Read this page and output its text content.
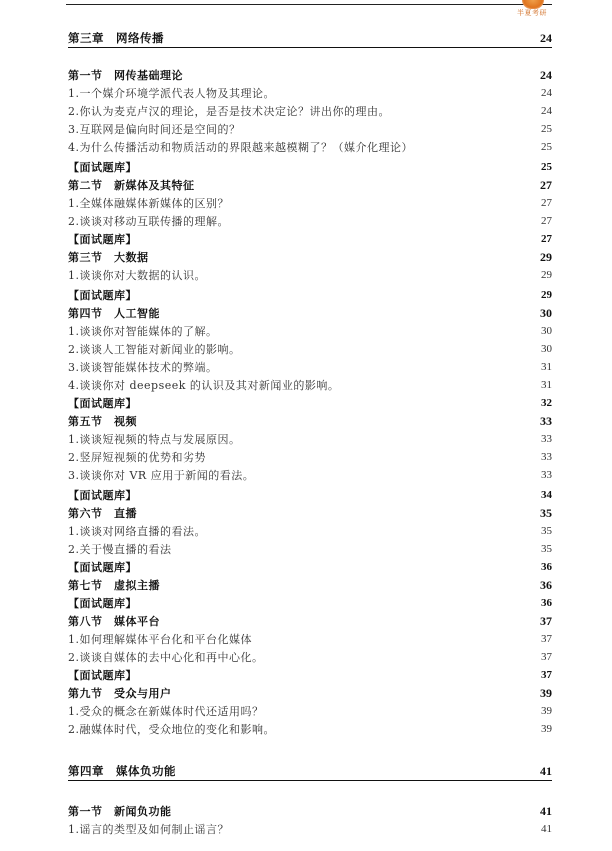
半夏考研
第三章　网络传播	24
第一节　网传基础理论	24
1.一个媒介环境学派代表人物及其理论。	24
2.你认为麦克卢汉的理论，是否是技术决定论？讲出你的理由。	24
3.互联网是偏向时间还是空间的？	25
4.为什么传播活动和物质活动的界限越来越模糊了？（媒介化理论）	25
【面试题库】	25
第二节　新媒体及其特征	27
1.全媒体融媒体新媒体的区别？	27
2.谈谈对移动互联传播的理解。	27
【面试题库】	27
第三节　大数据	29
1.谈谈你对大数据的认识。	29
【面试题库】	29
第四节　人工智能	30
1.谈谈你对智能媒体的了解。	30
2.谈谈人工智能对新闻业的影响。	30
3.谈谈智能媒体技术的弊端。	31
4.谈谈你对 deepseek 的认识及其对新闻业的影响。	31
【面试题库】	32
第五节　视频	33
1.谈谈短视频的特点与发展原因。	33
2.竖屏短视频的优势和劣势	33
3.谈谈你对 VR 应用于新闻的看法。	33
【面试题库】	34
第六节　直播	35
1.谈谈对网络直播的看法。	35
2.关于慢直播的看法	35
【面试题库】	36
第七节　虚拟主播	36
【面试题库】	36
第八节　媒体平台	37
1.如何理解媒体平台化和平台化媒体	37
2.谈谈自媒体的去中心化和再中心化。	37
【面试题库】	37
第九节　受众与用户	39
1.受众的概念在新媒体时代还适用吗？	39
2.融媒体时代，受众地位的变化和影响。	39
第四章　媒体负功能	41
第一节　新闻负功能	41
1.谣言的类型及如何制止谣言？	41
